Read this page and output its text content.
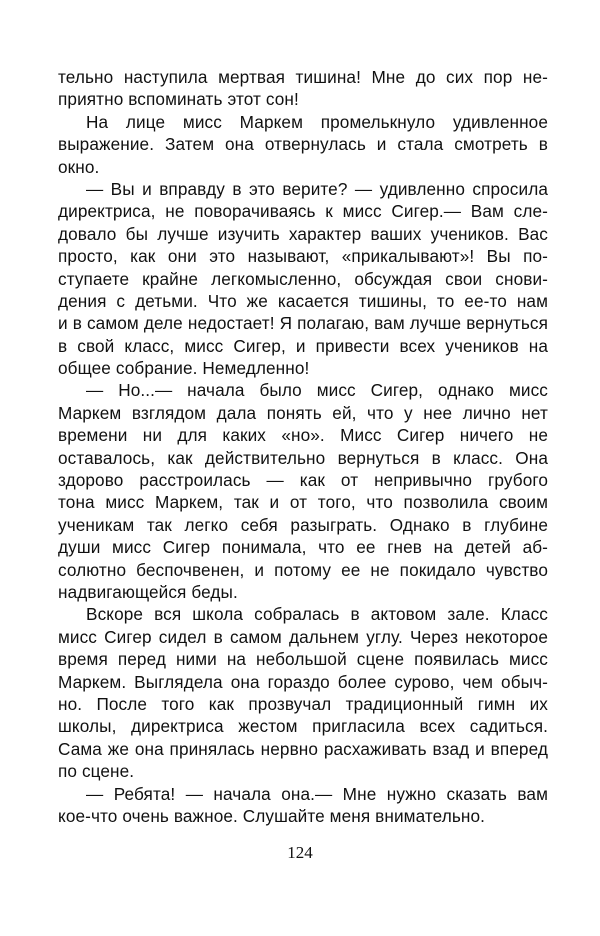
тельно наступила мертвая тишина! Мне до сих пор не-
приятно вспоминать этот сон!
На лице мисс Маркем промелькнуло удивленное
выражение. Затем она отвернулась и стала смотреть в
окно.
— Вы и вправду в это верите? — удивленно спросила
директриса, не поворачиваясь к мисс Сигер.— Вам сле-
довало бы лучше изучить характер ваших учеников. Вас
просто, как они это называют, «прикалывают»! Вы по-
ступаете крайне легкомысленно, обсуждая свои снови-
дения с детьми. Что же касается тишины, то ее-то нам
и в самом деле недостает! Я полагаю, вам лучше вернуться
в свой класс, мисс Сигер, и привести всех учеников на
общее собрание. Немедленно!
— Но...— начала было мисс Сигер, однако мисс
Маркем взглядом дала понять ей, что у нее лично нет
времени ни для каких «но». Мисс Сигер ничего не
оставалось, как действительно вернуться в класс. Она
здорово расстроилась — как от непривычно грубого
тона мисс Маркем, так и от того, что позволила своим
ученикам так легко себя разыграть. Однако в глубине
души мисс Сигер понимала, что ее гнев на детей аб-
солютно беспочвенен, и потому ее не покидало чувство
надвигающейся беды.
Вскоре вся школа собралась в актовом зале. Класс
мисс Сигер сидел в самом дальнем углу. Через некоторое
время перед ними на небольшой сцене появилась мисс
Маркем. Выглядела она гораздо более сурово, чем обыч-
но. После того как прозвучал традиционный гимн их
школы, директриса жестом пригласила всех садиться.
Сама же она принялась нервно расхаживать взад и вперед
по сцене.
— Ребята! — начала она.— Мне нужно сказать вам
кое-что очень важное. Слушайте меня внимательно.
124
